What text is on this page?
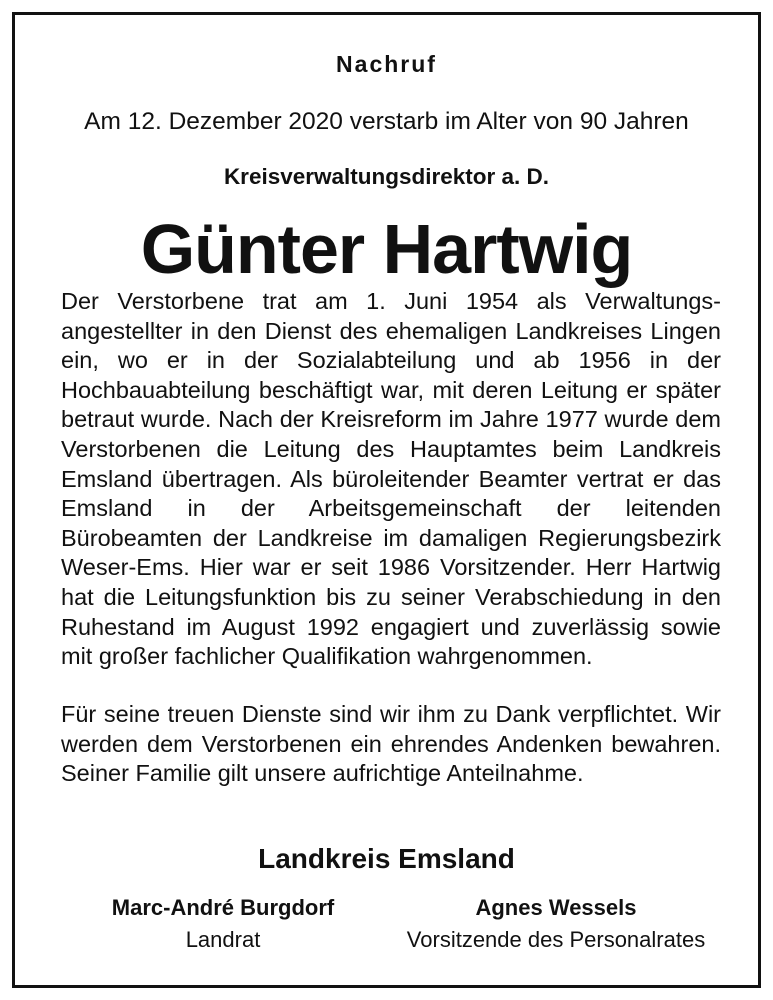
Nachruf
Am 12. Dezember 2020 verstarb im Alter von 90 Jahren
Kreisverwaltungsdirektor a. D.
Günter Hartwig
Der Verstorbene trat am 1. Juni 1954 als Verwaltungsangestellter in den Dienst des ehemaligen Landkreises Lingen ein, wo er in der Sozialabteilung und ab 1956 in der Hochbauabteilung beschäftigt war, mit deren Leitung er später betraut wurde. Nach der Kreisreform im Jahre 1977 wurde dem Verstorbenen die Leitung des Hauptamtes beim Landkreis Emsland übertragen. Als büroleitender Beamter vertrat er das Emsland in der Arbeitsgemeinschaft der leitenden Bürobeamten der Landkreise im damaligen Regierungsbezirk Weser-Ems. Hier war er seit 1986 Vorsitzender. Herr Hartwig hat die Leitungsfunktion bis zu seiner Verabschiedung in den Ruhestand im August 1992 engagiert und zuverlässig sowie mit großer fachlicher Qualifikation wahrgenommen.
Für seine treuen Dienste sind wir ihm zu Dank verpflichtet. Wir werden dem Verstorbenen ein ehrendes Andenken bewahren. Seiner Familie gilt unsere aufrichtige Anteilnahme.
Landkreis Emsland
Marc-André Burgdorf
Landrat
Agnes Wessels
Vorsitzende des Personalrates
